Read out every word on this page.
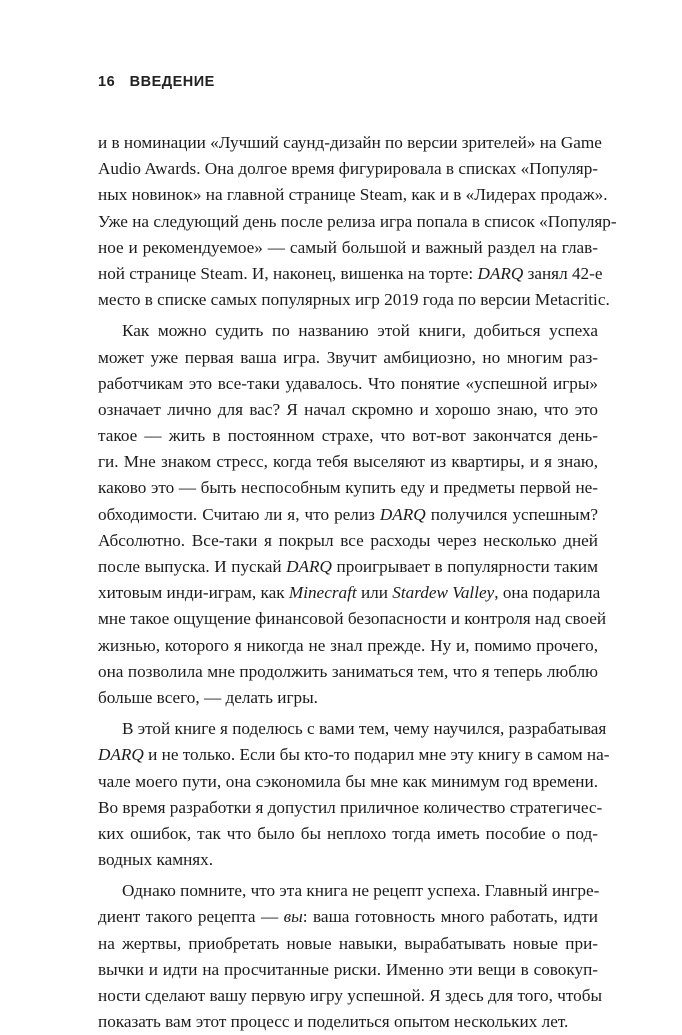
16 ВВЕДЕНИЕ
и в номинации «Лучший саунд-дизайн по версии зрителей» на Game
Audio Awards. Она долгое время фигурировала в списках «Популяр-
ных новинок» на главной странице Steam, как и в «Лидерах продаж».
Уже на следующий день после релиза игра попала в список «Популяр-
ное и рекомендуемое» — самый большой и важный раздел на глав-
ной странице Steam. И, наконец, вишенка на торте: DARQ занял 42-е
место в списке самых популярных игр 2019 года по версии Metacritic.
Как можно судить по названию этой книги, добиться успеха
может уже первая ваша игра. Звучит амбициозно, но многим раз-
работчикам это все-таки удавалось. Что понятие «успешной игры»
означает лично для вас? Я начал скромно и хорошо знаю, что это
такое — жить в постоянном страхе, что вот-вот закончатся день-
ги. Мне знаком стресс, когда тебя выселяют из квартиры, и я знаю,
каково это — быть неспособным купить еду и предметы первой не-
обходимости. Считаю ли я, что релиз DARQ получился успешным?
Абсолютно. Все-таки я покрыл все расходы через несколько дней
после выпуска. И пускай DARQ проигрывает в популярности таким
хитовым инди-играм, как Minecraft или Stardew Valley, она подарила
мне такое ощущение финансовой безопасности и контроля над своей
жизнью, которого я никогда не знал прежде. Ну и, помимо прочего,
она позволила мне продолжить заниматься тем, что я теперь люблю
больше всего, — делать игры.
В этой книге я поделюсь с вами тем, чему научился, разрабатывая
DARQ и не только. Если бы кто-то подарил мне эту книгу в самом на-
чале моего пути, она сэкономила бы мне как минимум год времени.
Во время разработки я допустил приличное количество стратегичес-
ких ошибок, так что было бы неплохо тогда иметь пособие о под-
водных камнях.
Однако помните, что эта книга не рецепт успеха. Главный ингре-
диент такого рецепта — вы: ваша готовность много работать, идти
на жертвы, приобретать новые навыки, вырабатывать новые при-
вычки и идти на просчитанные риски. Именно эти вещи в совокуп-
ности сделают вашу первую игру успешной. Я здесь для того, чтобы
показать вам этот процесс и поделиться опытом нескольких лет.
